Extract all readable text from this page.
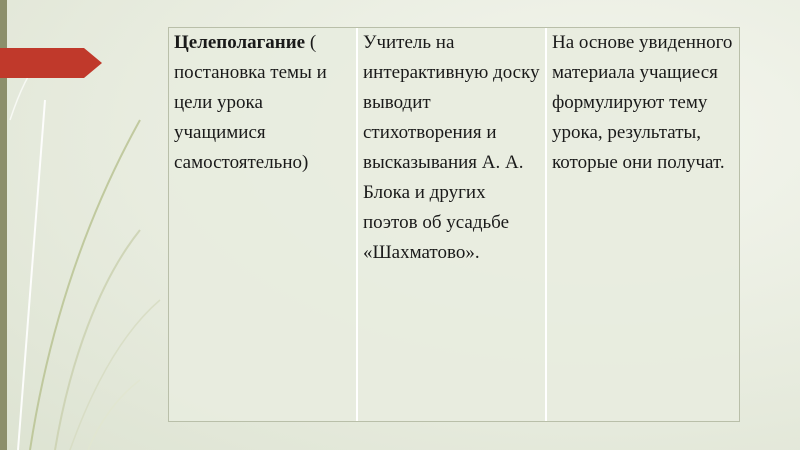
Целеполагание ( постановка темы и цели урока учащимися самостоятельно)	Учитель на интерактивную доску выводит стихотворения и высказывания А. А. Блока и других поэтов об усадьбе «Шахматово».	На основе увиденного материала учащиеся формулируют тему урока, результаты, которые они получат.
